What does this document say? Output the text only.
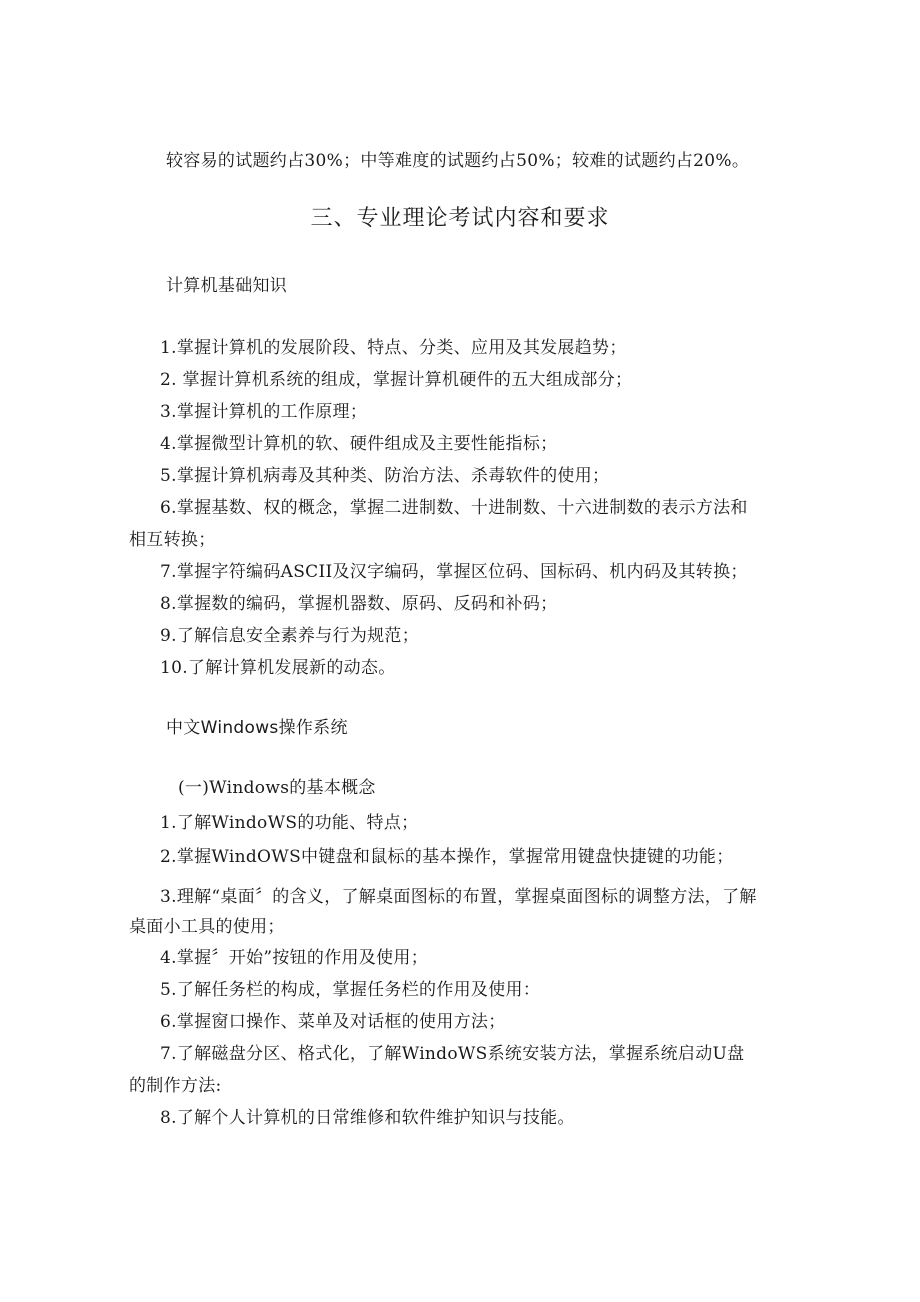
较容易的试题约占30%；中等难度的试题约占50%；较难的试题约占20%。
三、专业理论考试内容和要求
计算机基础知识
1.掌握计算机的发展阶段、特点、分类、应用及其发展趋势；
2. 掌握计算机系统的组成，掌握计算机硬件的五大组成部分；
3.掌握计算机的工作原理；
4.掌握微型计算机的软、硬件组成及主要性能指标；
5.掌握计算机病毒及其种类、防治方法、杀毒软件的使用；
6.掌握基数、权的概念，掌握二进制数、十进制数、十六进制数的表示方法和
相互转换；
7.掌握字符编码ASCII及汉字编码，掌握区位码、国标码、机内码及其转换；
8.掌握数的编码，掌握机器数、原码、反码和补码；
9.了解信息安全素养与行为规范；
10.了解计算机发展新的动态。
中文Windows操作系统
(一)Windows的基本概念
1.了解WindoWS的功能、特点；
2.掌握WindOWS中键盘和鼠标的基本操作，掌握常用键盘快捷键的功能；
3.理解“桌面〞的含义，了解桌面图标的布置，掌握桌面图标的调整方法，了解
桌面小工具的使用；
4.掌握〞开始”按钮的作用及使用；
5.了解任务栏的构成，掌握任务栏的作用及使用：
6.掌握窗口操作、菜单及对话框的使用方法；
7.了解磁盘分区、格式化，了解WindoWS系统安装方法，掌握系统启动U盘
的制作方法:
8.了解个人计算机的日常维修和软件维护知识与技能。
